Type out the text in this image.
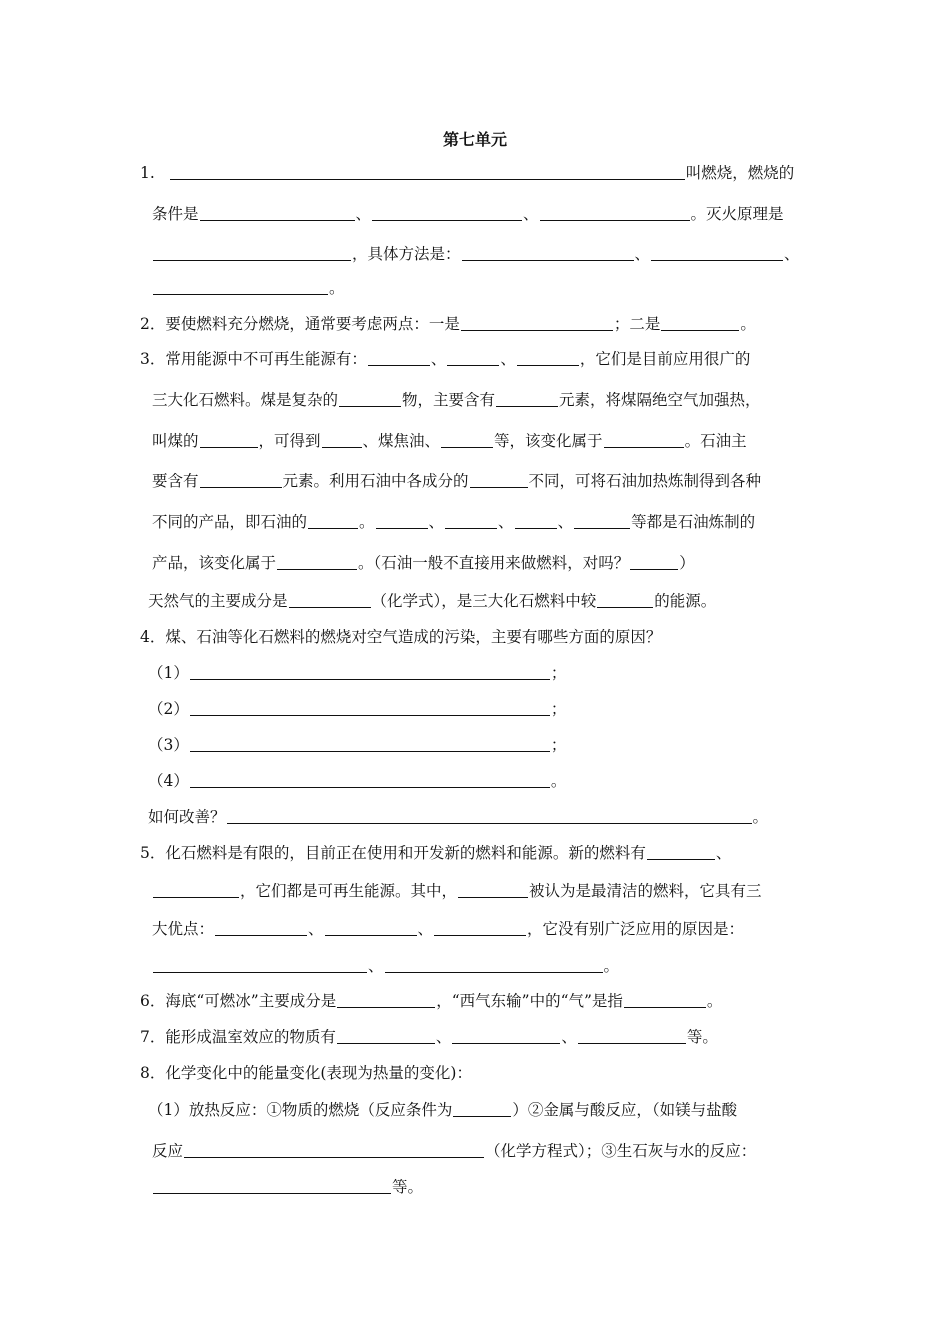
第七单元
1.	叫燃烧，燃烧的
条件是	、	、	。灭火原理是
，具体方法是：	、	、
。
2．要使燃料充分燃烧，通常要考虑两点：一是	；二是	。
3．常用能源中不可再生能源有：	、	、	，它们是目前应用很广的
三大化石燃料。煤是复杂的	物，主要含有	元素，将煤隔绝空气加强热，
叫煤的	，可得到	、煤焦油、	等，该变化属于	。石油主
要含有	元素。利用石油中各成分的	不同，可将石油加热炼制得到各种
不同的产品，即石油的	。	、	、	、	等都是石油炼制的
产品，该变化属于	。（石油一般不直接用来做燃料，对吗？	）
天然气的主要成分是	（化学式），是三大化石燃料中较	的能源。
4．煤、石油等化石燃料的燃烧对空气造成的污染，主要有哪些方面的原因？
（1）	；
（2）	；
（3）	；
（4）	。
如何改善？	。
5．化石燃料是有限的，目前正在使用和开发新的燃料和能源。新的燃料有	、
，它们都是可再生能源。其中，	被认为是最清洁的燃料，它具有三
大优点：	、	、	，它没有别广泛应用的原因是：
、	。
6．海底“可燃冰”主要成分是	，“西气东输”中的“气”是指	。
7．能形成温室效应的物质有	、	、	等。
8．化学变化中的能量变化(表现为热量的变化)：
（1）放热反应：①物质的燃烧（反应条件为	）②金属与酸反应，（如镁与盐酸
反应	（化学方程式）；③生石灰与水的反应：
等。
